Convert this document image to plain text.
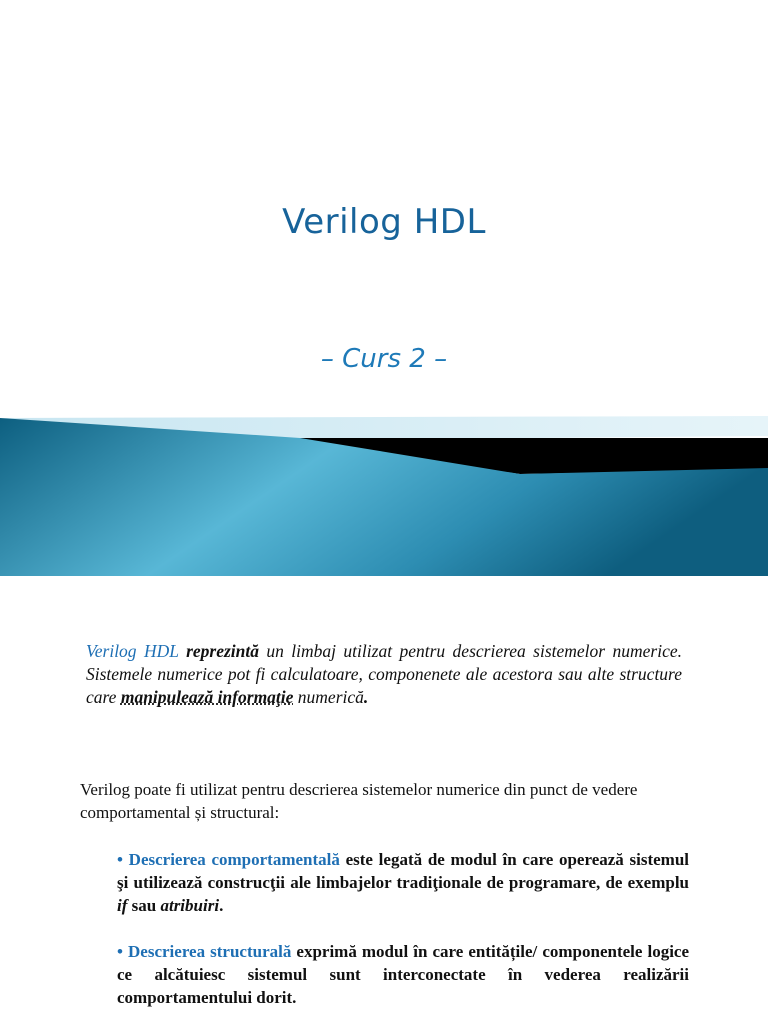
Verilog HDL
– Curs 2 –

Verilog HDL reprezintă un limbaj utilizat pentru descrierea sistemelor numerice. Sistemele numerice pot fi calculatoare, componenete ale acestora sau alte structure care manipulează informaţie numerică.

Verilog poate fi utilizat pentru descrierea sistemelor numerice din punct de vedere comportamental și structural:

• Descrierea comportamentală este legată de modul în care operează sistemul şi utilizează construcţii ale limbajelor tradiţionale de programare, de exemplu if sau atribuiri.

• Descrierea structurală exprimă modul în care entitățile/ componentele logice ce alcătuiesc sistemul sunt interconectate în vederea realizării comportamentului dorit.
